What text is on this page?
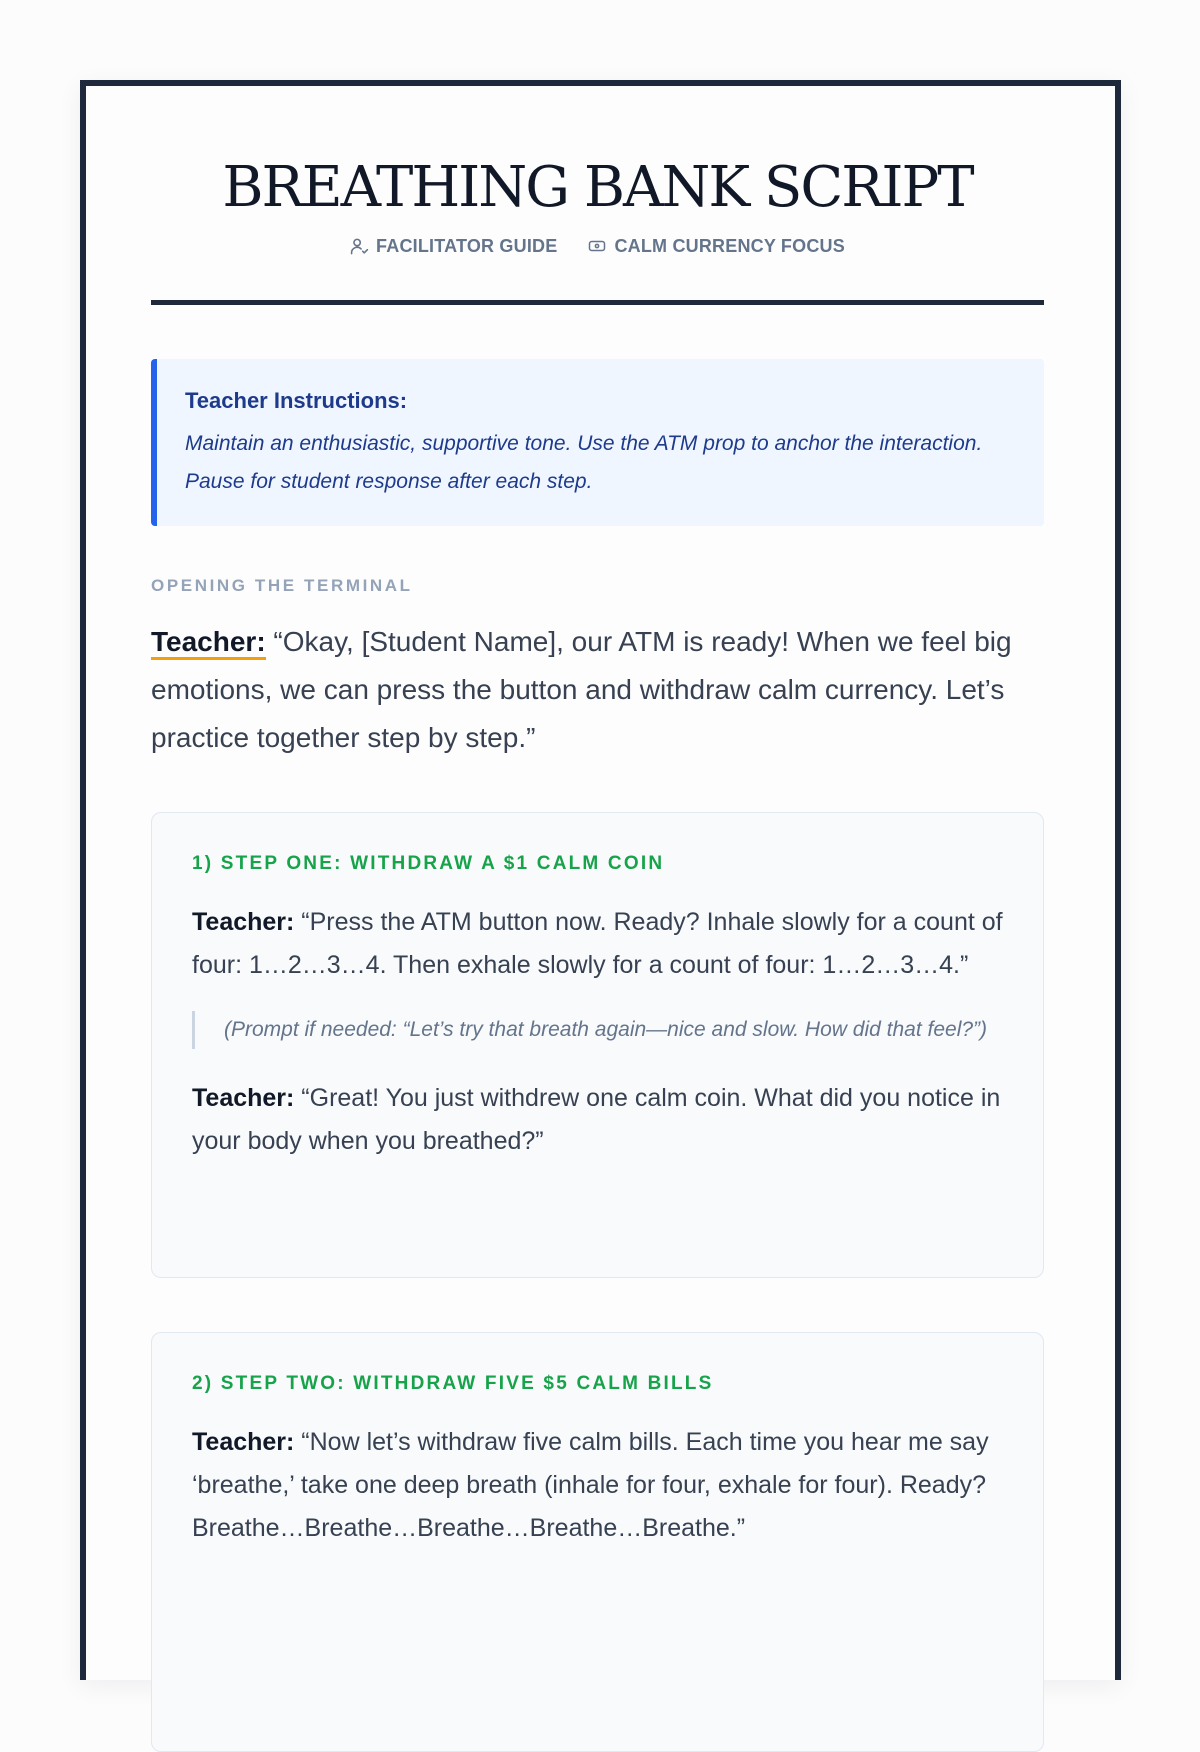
BREATHING BANK SCRIPT
FACILITATOR GUIDE	CALM CURRENCY FOCUS
Teacher Instructions:
Maintain an enthusiastic, supportive tone. Use the ATM prop to anchor the interaction. Pause for student response after each step.
OPENING THE TERMINAL

Teacher: “Okay, [Student Name], our ATM is ready! When we feel big emotions, we can press the button and withdraw calm currency. Let’s practice together step by step.”

1) STEP ONE: WITHDRAW A $1 CALM COIN

Teacher: “Press the ATM button now. Ready? Inhale slowly for a count of four: 1…2…3…4. Then exhale slowly for a count of four: 1…2…3…4.”

(Prompt if needed: “Let’s try that breath again—nice and slow. How did that feel?”)

Teacher: “Great! You just withdrew one calm coin. What did you notice in your body when you breathed?”

2) STEP TWO: WITHDRAW FIVE $5 CALM BILLS

Teacher: “Now let’s withdraw five calm bills. Each time you hear me say ‘breathe,’ take one deep breath (inhale for four, exhale for four). Ready? Breathe…Breathe…Breathe…Breathe…Breathe.”
